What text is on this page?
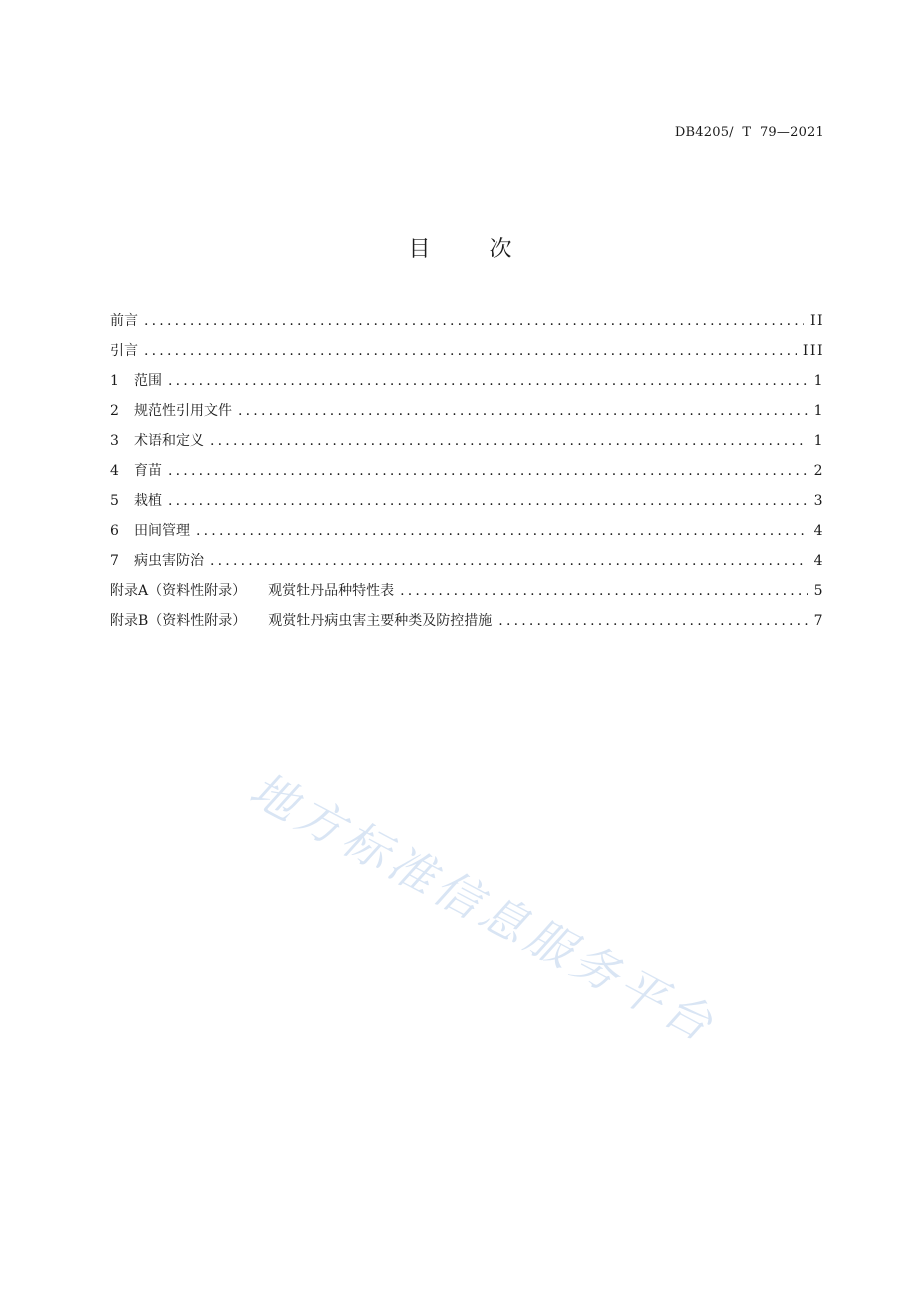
DB4205/  T  79—2021
目 次
前言 .....	II
引言 .....	III
1	范围 .....	1
2	规范性引用文件 .....	1
3	术语和定义 .....	1
4	育苗 .....	2
5	栽植 .....	3
6	田间管理 .....	4
7	病虫害防治 .....	4
附录A（资料性附录） 观赏牡丹品种特性表 .....	5
附录B（资料性附录） 观赏牡丹病虫害主要种类及防控措施 .....	7
地方标准信息服务平台
